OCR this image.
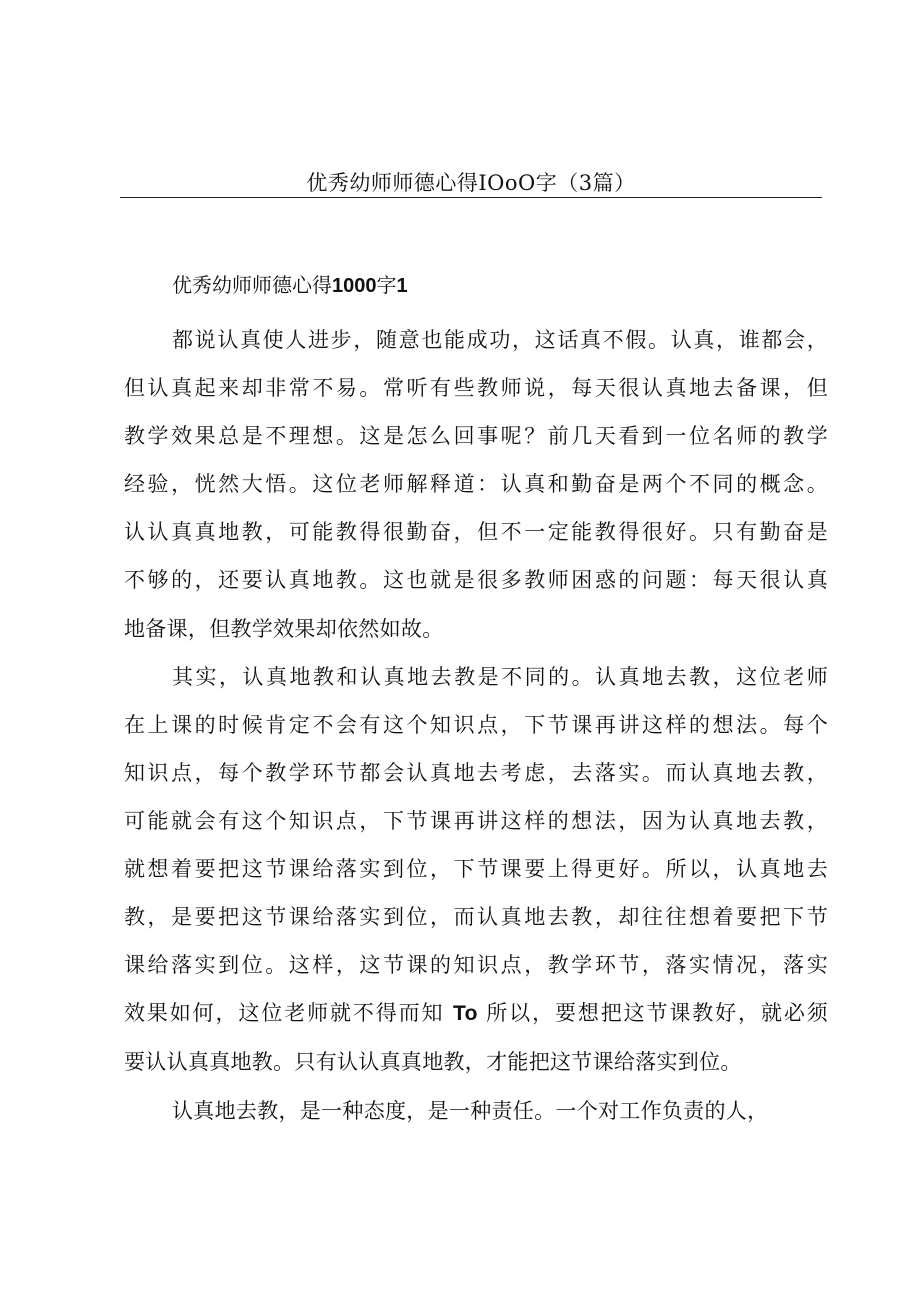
优秀幼师师德心得IOoO字（3篇）
优秀幼师师德心得1000字1
都说认真使人进步，随意也能成功，这话真不假。认真，谁都会，
但认真起来却非常不易。常听有些教师说，每天很认真地去备课，但
教学效果总是不理想。这是怎么回事呢？前几天看到一位名师的教学
经验，恍然大悟。这位老师解释道：认真和勤奋是两个不同的概念。
认认真真地教，可能教得很勤奋，但不一定能教得很好。只有勤奋是
不够的，还要认真地教。这也就是很多教师困惑的问题：每天很认真
地备课，但教学效果却依然如故。
其实，认真地教和认真地去教是不同的。认真地去教，这位老师
在上课的时候肯定不会有这个知识点，下节课再讲这样的想法。每个
知识点，每个教学环节都会认真地去考虑，去落实。而认真地去教，
可能就会有这个知识点，下节课再讲这样的想法，因为认真地去教，
就想着要把这节课给落实到位，下节课要上得更好。所以，认真地去
教，是要把这节课给落实到位，而认真地去教，却往往想着要把下节
课给落实到位。这样，这节课的知识点，教学环节，落实情况，落实
效果如何，这位老师就不得而知 To 所以，要想把这节课教好，就必须
要认认真真地教。只有认认真真地教，才能把这节课给落实到位。
认真地去教，是一种态度，是一种责任。一个对工作负责的人，
